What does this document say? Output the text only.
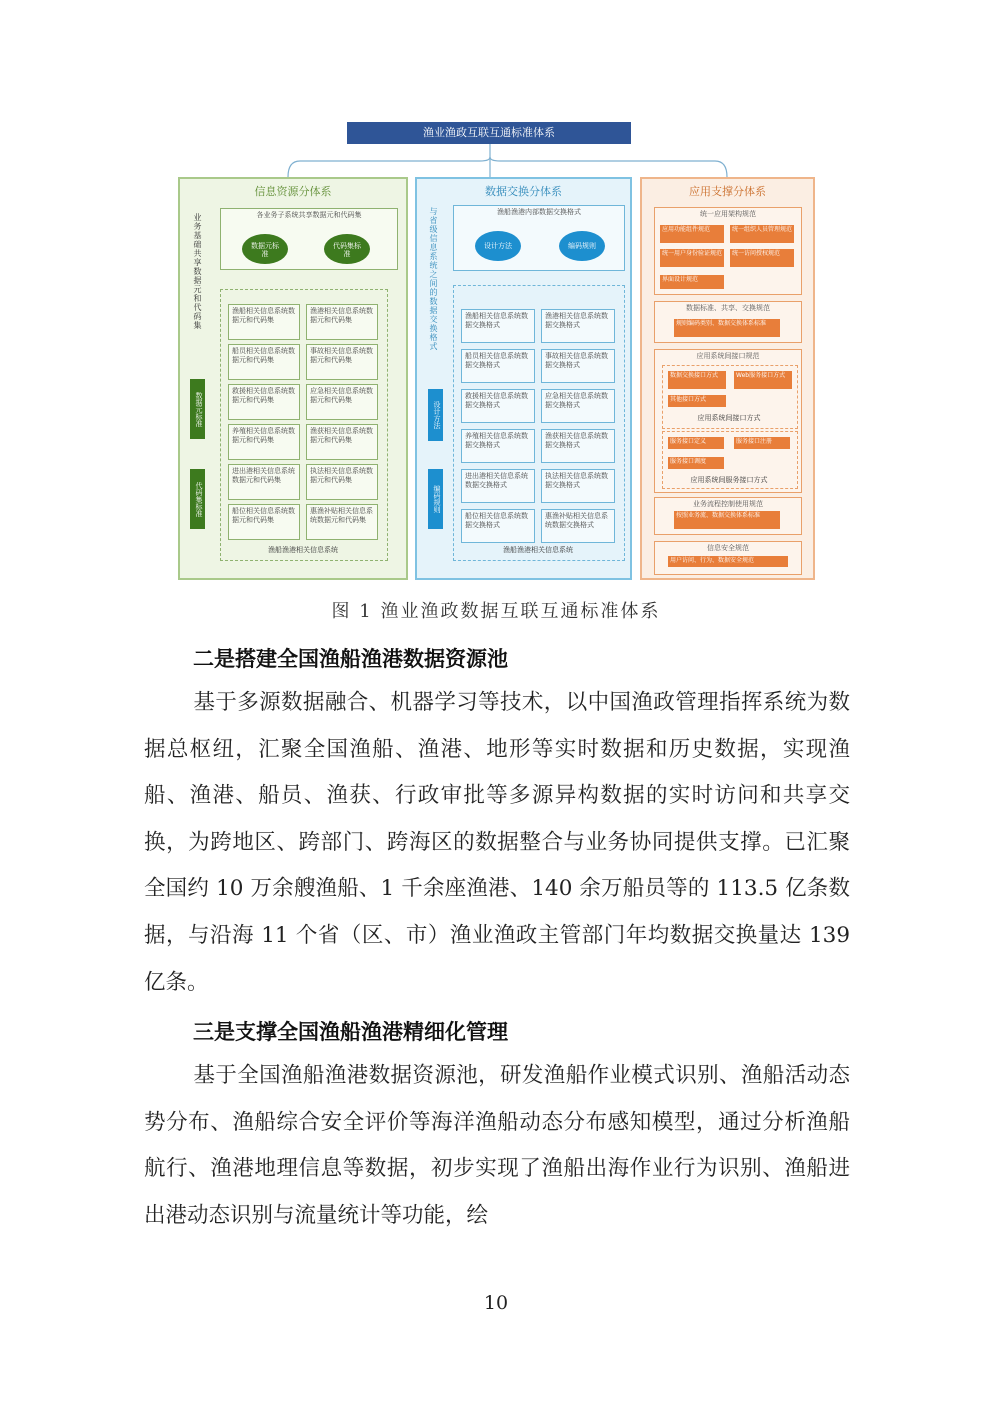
渔业渔政互联互通标准体系
信息资源分体系
业务基础共享数据元和代码集
数据元标准
代码集标准
各业务子系统共享数据元和代码集
数据元标准
代码集标准
渔船相关信息系统数据元和代码集
渔港相关信息系统数据元和代码集
船员相关信息系统数据元和代码集
事故相关信息系统数据元和代码集
救援相关信息系统数据元和代码集
应急相关信息系统数据元和代码集
养殖相关信息系统数据元和代码集
渔获相关信息系统数据元和代码集
进出港相关信息系统数据元和代码集
执法相关信息系统数据元和代码集
船位相关信息系统数据元和代码集
惠渔补贴相关信息系统数据元和代码集
渔船渔港相关信息系统
数据交换分体系
与省级信息系统之间的数据交换格式
设计方法
编码规则
渔船渔港内部数据交换格式
设计方法	编码规则
渔船相关信息系统数据交换格式
渔港相关信息系统数据交换格式
船员相关信息系统数据交换格式
事故相关信息系统数据交换格式
救援相关信息系统数据交换格式
应急相关信息系统数据交换格式
养殖相关信息系统数据交换格式
渔获相关信息系统数据交换格式
进出港相关信息系统数据交换格式
执法相关信息系统数据交换格式
船位相关信息系统数据交换格式
惠渔补贴相关信息系统数据交换格式
渔船渔港相关信息系统
应用支撑分体系
统一应用架构规范
应用功能组件规范	统一组织人员管理规范
统一用户身份验证规范	统一访问授权规范
界面设计规范
数据标准、共享、交换规范
规则编码类别、数据交换体系标准
应用系统间接口规范
数据交换接口方式	Web服务接口方式
其他接口方式
应用系统间接口方式
服务接口定义	服务接口注册
服务接口调度
应用系统间服务接口方式
业务流程控制使用规范
按照业务流、数据交换体系标准
信息安全规范
用户访问、行为、数据安全规范
图 1 渔业渔政数据互联互通标准体系
二是搭建全国渔船渔港数据资源池

基于多源数据融合、机器学习等技术，以中国渔政管理指挥系统为数据总枢纽，汇聚全国渔船、渔港、地形等实时数据和历史数据，实现渔船、渔港、船员、渔获、行政审批等多源异构数据的实时访问和共享交换，为跨地区、跨部门、跨海区的数据整合与业务协同提供支撑。已汇聚全国约 10 万余艘渔船、1 千余座渔港、140 余万船员等的 113.5 亿条数据，与沿海 11 个省（区、市）渔业渔政主管部门年均数据交换量达 139 亿条。

三是支撑全国渔船渔港精细化管理

基于全国渔船渔港数据资源池，研发渔船作业模式识别、渔船活动态势分布、渔船综合安全评价等海洋渔船动态分布感知模型，通过分析渔船航行、渔港地理信息等数据，初步实现了渔船出海作业行为识别、渔船进出港动态识别与流量统计等功能，绘

10
